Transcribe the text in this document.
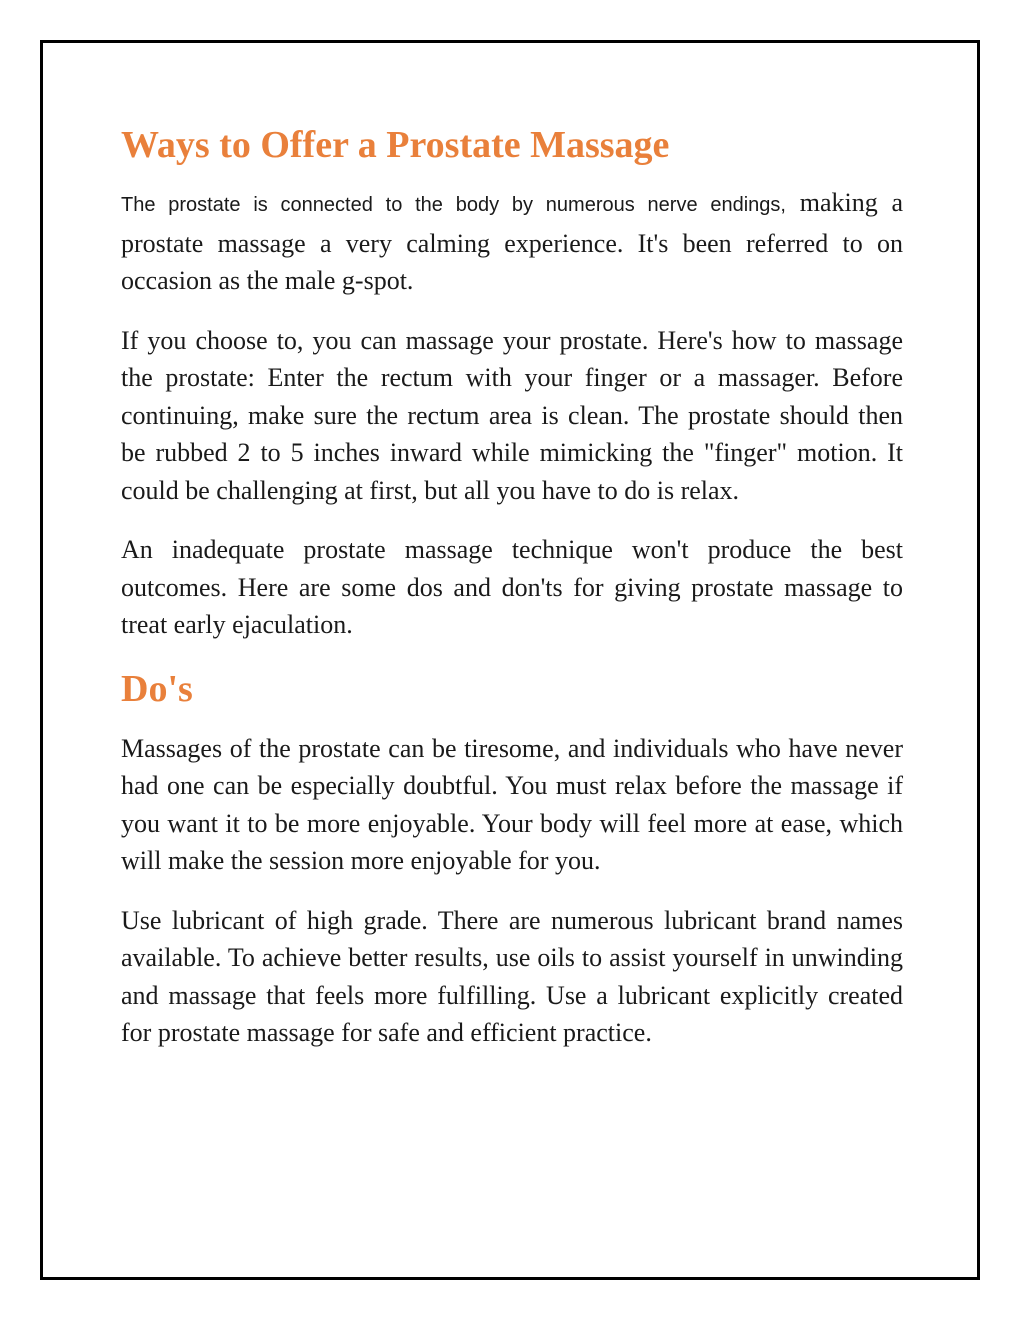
Ways to Offer a Prostate Massage

The prostate is connected to the body by numerous nerve endings, making a prostate massage a very calming experience. It's been referred to on occasion as the male g-spot.

If you choose to, you can massage your prostate. Here's how to massage the prostate: Enter the rectum with your finger or a massager. Before continuing, make sure the rectum area is clean. The prostate should then be rubbed 2 to 5 inches inward while mimicking the "finger" motion. It could be challenging at first, but all you have to do is relax.

An inadequate prostate massage technique won't produce the best outcomes. Here are some dos and don'ts for giving prostate massage to treat early ejaculation.

Do's

Massages of the prostate can be tiresome, and individuals who have never had one can be especially doubtful. You must relax before the massage if you want it to be more enjoyable. Your body will feel more at ease, which will make the session more enjoyable for you.

Use lubricant of high grade. There are numerous lubricant brand names available. To achieve better results, use oils to assist yourself in unwinding and massage that feels more fulfilling. Use a lubricant explicitly created for prostate massage for safe and efficient practice.
